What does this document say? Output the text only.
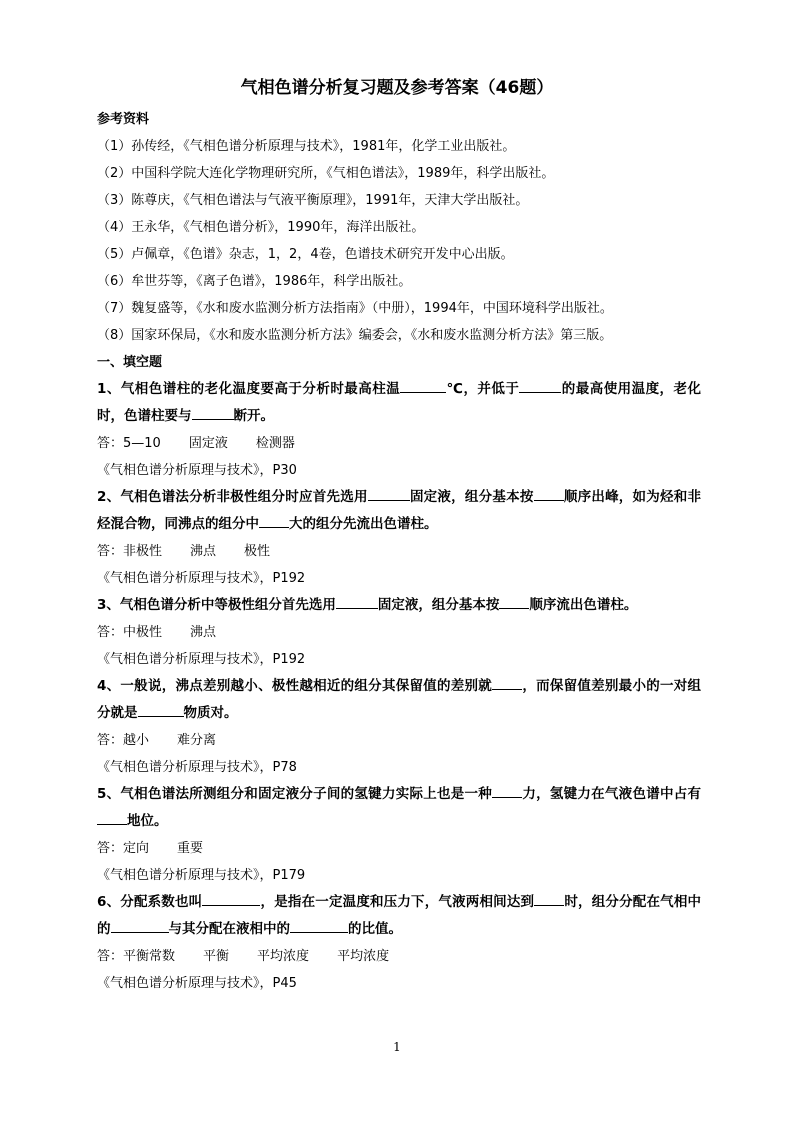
气相色谱分析复习题及参考答案（46题）
参考资料
（1）孙传经，《气相色谱分析原理与技术》，1981年，化学工业出版社。
（2）中国科学院大连化学物理研究所，《气相色谱法》，1989年，科学出版社。
（3）陈尊庆，《气相色谱法与气液平衡原理》，1991年，天津大学出版社。
（4）王永华，《气相色谱分析》，1990年，海洋出版社。
（5）卢佩章，《色谱》杂志，1，2，4卷，色谱技术研究开发中心出版。
（6）牟世芬等，《离子色谱》，1986年，科学出版社。
（7）魏复盛等，《水和废水监测分析方法指南》（中册），1994年，中国环境科学出版社。
（8）国家环保局，《水和废水监测分析方法》编委会，《水和废水监测分析方法》第三版。
一、填空题
1、气相色谱柱的老化温度要高于分析时最高柱温	℃，并低于	的最高使用温度，老化时，色谱柱要与	断开。
答：5—10 固定液 检测器
《气相色谱分析原理与技术》，P30
2、气相色谱法分析非极性组分时应首先选用	固定液，组分基本按 顺序出峰，如为烃和非烃混合物，同沸点的组分中 大的组分先流出色谱柱。
答：非极性 沸点 极性
《气相色谱分析原理与技术》，P192
3、气相色谱分析中等极性组分首先选用	固定液，组分基本按 顺序流出色谱柱。
答：中极性 沸点
《气相色谱分析原理与技术》，P192
4、一般说，沸点差别越小、极性越相近的组分其保留值的差别就 ，而保留值差别最小的一对组分就是	物质对。
答：越小 难分离
《气相色谱分析原理与技术》，P78
5、气相色谱法所测组分和固定液分子间的氢键力实际上也是一种 力，氢键力在气液色谱中占有地位。
答：定向 重要
《气相色谱分析原理与技术》，P179
6、分配系数也叫	，是指在一定温度和压力下，气液两相间达到 时，组分分配在气相中的	与其分配在液相中的	的比值。
答：平衡常数 平衡 平均浓度 平均浓度
《气相色谱分析原理与技术》，P45
1
